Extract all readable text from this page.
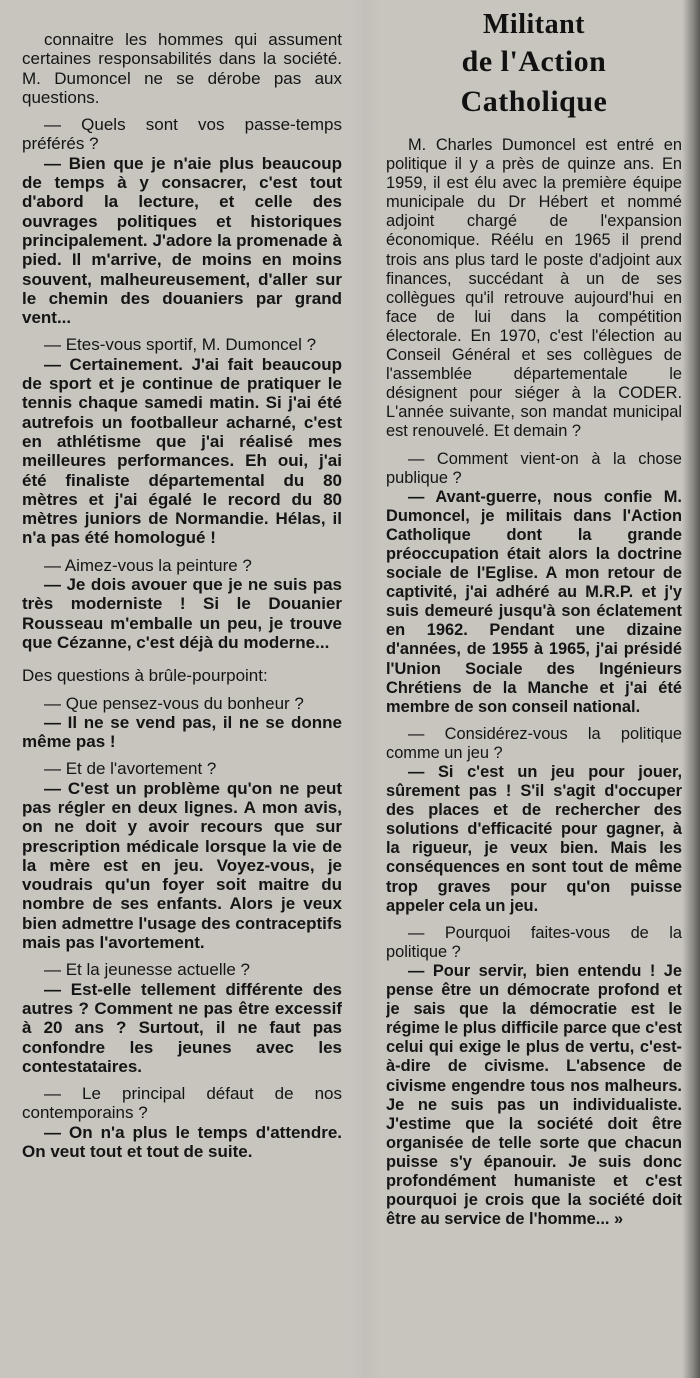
connaitre les hommes qui assument certaines responsabilités dans la société. M. Dumoncel ne se dérobe pas aux questions.

— Quels sont vos passe-temps préférés ?

— Bien que je n'aie plus beaucoup de temps à y consacrer, c'est tout d'abord la lecture, et celle des ouvrages politiques et historiques principalement. J'adore la promenade à pied. Il m'arrive, de moins en moins souvent, malheureusement, d'aller sur le chemin des douaniers par grand vent...

— Etes-vous sportif, M. Dumoncel ?

— Certainement. J'ai fait beaucoup de sport et je continue de pratiquer le tennis chaque samedi matin. Si j'ai été autrefois un footballeur acharné, c'est en athlétisme que j'ai réalisé mes meilleures performances. Eh oui, j'ai été finaliste départemental du 80 mètres et j'ai égalé le record du 80 mètres juniors de Normandie. Hélas, il n'a pas été homologué !

— Aimez-vous la peinture ?

— Je dois avouer que je ne suis pas très moderniste ! Si le Douanier Rousseau m'emballe un peu, je trouve que Cézanne, c'est déjà du moderne...

Des questions à brûle-pourpoint:

— Que pensez-vous du bonheur ?

— Il ne se vend pas, il ne se donne même pas !

— Et de l'avortement ?

— C'est un problème qu'on ne peut pas régler en deux lignes. A mon avis, on ne doit y avoir recours que sur prescription médicale lorsque la vie de la mère est en jeu. Voyez-vous, je voudrais qu'un foyer soit maitre du nombre de ses enfants. Alors je veux bien admettre l'usage des contraceptifs mais pas l'avortement.

— Et la jeunesse actuelle ?

— Est-elle tellement différente des autres ? Comment ne pas être excessif à 20 ans ? Surtout, il ne faut pas confondre les jeunes avec les contestataires.

— Le principal défaut de nos contemporains ?

— On n'a plus le temps d'attendre. On veut tout et tout de suite.

Militant
de l'Action Catholique

M. Charles Dumoncel est entré en politique il y a près de quinze ans. En 1959, il est élu avec la première équipe municipale du Dr Hébert et nommé adjoint chargé de l'expansion économique. Réélu en 1965 il prend trois ans plus tard le poste d'adjoint aux finances, succédant à un de ses collègues qu'il retrouve aujourd'hui en face de lui dans la compétition électorale. En 1970, c'est l'élection au Conseil Général et ses collègues de l'assemblée départementale le désignent pour siéger à la CODER. L'année suivante, son mandat municipal est renouvelé. Et demain ?

— Comment vient-on à la chose publique ?

— Avant-guerre, nous confie M. Dumoncel, je militais dans l'Action Catholique dont la grande préoccupation était alors la doctrine sociale de l'Eglise. A mon retour de captivité, j'ai adhéré au M.R.P. et j'y suis demeuré jusqu'à son éclatement en 1962. Pendant une dizaine d'années, de 1955 à 1965, j'ai présidé l'Union Sociale des Ingénieurs Chrétiens de la Manche et j'ai été membre de son conseil national.

— Considérez-vous la politique comme un jeu ?

— Si c'est un jeu pour jouer, sûrement pas ! S'il s'agit d'occuper des places et de rechercher des solutions d'efficacité pour gagner, à la rigueur, je veux bien. Mais les conséquences en sont tout de même trop graves pour qu'on puisse appeler cela un jeu.

— Pourquoi faites-vous de la politique ?

— Pour servir, bien entendu ! Je pense être un démocrate profond et je sais que la démocratie est le régime le plus difficile parce que c'est celui qui exige le plus de vertu, c'est-à-dire de civisme. L'absence de civisme engendre tous nos malheurs. Je ne suis pas un individualiste. J'estime que la société doit être organisée de telle sorte que chacun puisse s'y épanouir. Je suis donc profondément humaniste et c'est pourquoi je crois que la société doit être au service de l'homme... »
